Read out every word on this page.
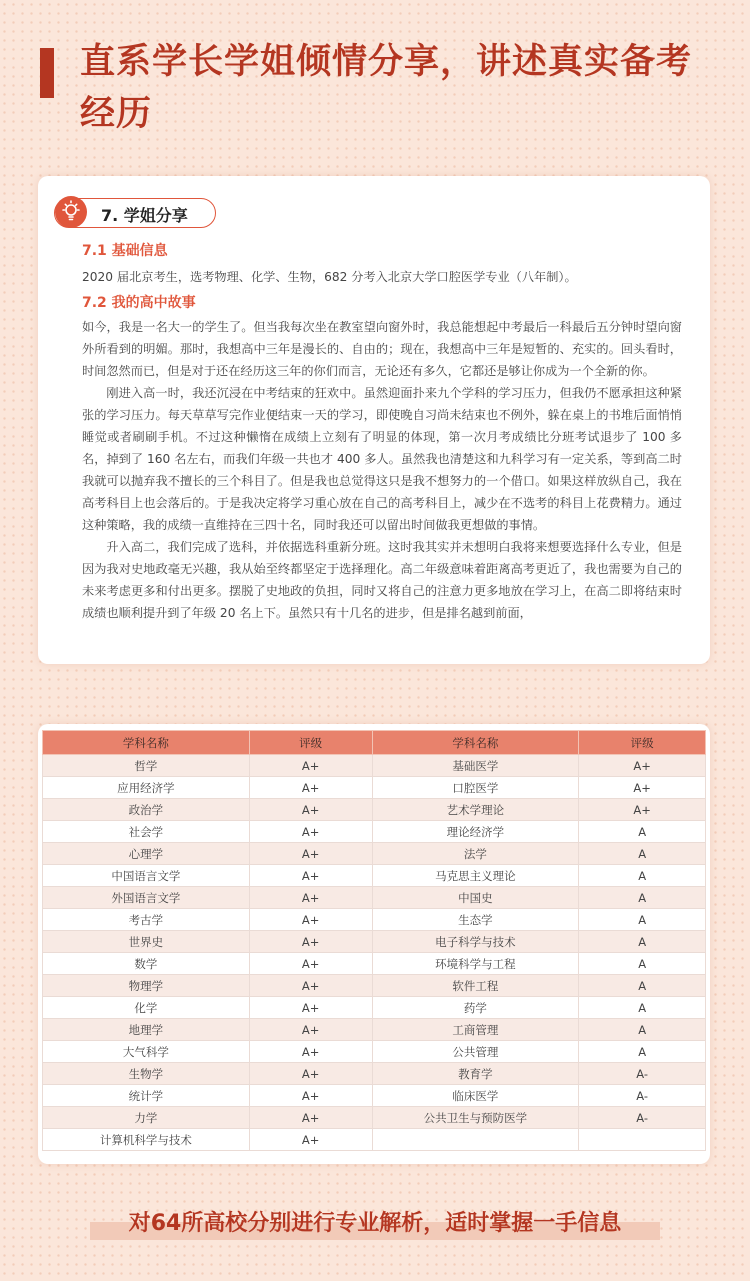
直系学长学姐倾情分享，讲述真实备考经历
7. 学姐分享
7.1 基础信息
2020 届北京考生，选考物理、化学、生物，682 分考入北京大学口腔医学专业（八年制）。
7.2 我的高中故事
如今，我是一名大一的学生了。但当我每次坐在教室望向窗外时，我总能想起中考最后一科最后五分钟时望向窗外所看到的明媚。那时，我想高中三年是漫长的、自由的；现在，我想高中三年是短暂的、充实的。回头看时，时间忽然而已，但是对于还在经历这三年的你们而言，无论还有多久，它都还是够让你成为一个全新的你。
刚进入高一时，我还沉浸在中考结束的狂欢中。虽然迎面扑来九个学科的学习压力，但我仍不愿承担这种紧张的学习压力。每天草草写完作业便结束一天的学习，即使晚自习尚未结束也不例外，躲在桌上的书堆后面悄悄睡觉或者刷刷手机。不过这种懒惰在成绩上立刻有了明显的体现，第一次月考成绩比分班考试退步了 100 多名，掉到了 160 名左右，而我们年级一共也才 400 多人。虽然我也清楚这和九科学习有一定关系，等到高二时我就可以抛弃我不擅长的三个科目了。但是我也总觉得这只是我不想努力的一个借口。如果这样放纵自己，我在高考科目上也会落后的。于是我决定将学习重心放在自己的高考科目上，减少在不选考的科目上花费精力。通过这种策略，我的成绩一直维持在三四十名，同时我还可以留出时间做我更想做的事情。
升入高二，我们完成了选科，并依据选科重新分班。这时我其实并未想明白我将来想要选择什么专业，但是因为我对史地政毫无兴趣，我从始至终都坚定于选择理化。高二年级意味着距离高考更近了，我也需要为自己的未来考虑更多和付出更多。摆脱了史地政的负担，同时又将自己的注意力更多地放在学习上，在高二即将结束时成绩也顺利提升到了年级 20 名上下。虽然只有十几名的进步，但是排名越到前面，
学科名称	评级	学科名称	评级
哲学	A+	基础医学	A+
应用经济学	A+	口腔医学	A+
政治学	A+	艺术学理论	A+
社会学	A+	理论经济学	A
心理学	A+	法学	A
中国语言文学	A+	马克思主义理论	A
外国语言文学	A+	中国史	A
考古学	A+	生态学	A
世界史	A+	电子科学与技术	A
数学	A+	环境科学与工程	A
物理学	A+	软件工程	A
化学	A+	药学	A
地理学	A+	工商管理	A
大气科学	A+	公共管理	A
生物学	A+	教育学	A-
统计学	A+	临床医学	A-
力学	A+	公共卫生与预防医学	A-
计算机科学与技术	A+		
对64所高校分别进行专业解析，适时掌握一手信息
